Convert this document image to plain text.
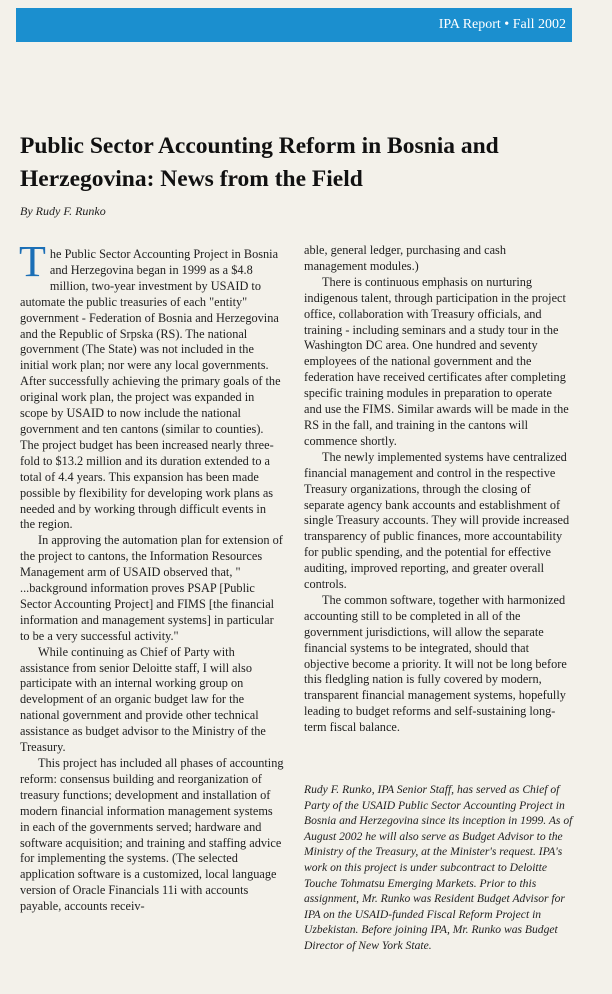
IPA Report • Fall 2002
Public Sector Accounting Reform in Bosnia and Herzegovina: News from the Field
By Rudy F. Runko

The Public Sector Accounting Project in Bosnia and Herzegovina began in 1999 as a $4.8 million, two-year investment by USAID to automate the public treasuries of each "entity" government - Federation of Bosnia and Herzegovina and the Republic of Srpska (RS). The national government (The State) was not included in the initial work plan; nor were any local governments. After successfully achieving the primary goals of the original work plan, the project was expanded in scope by USAID to now include the national government and ten cantons (similar to counties). The project budget has been increased nearly three-fold to $13.2 million and its duration extended to a total of 4.4 years. This expansion has been made possible by flexibility for developing work plans as needed and by working through difficult events in the region.

In approving the automation plan for extension of the project to cantons, the Information Resources Management arm of USAID observed that, " ...background information proves PSAP [Public Sector Accounting Project] and FIMS [the financial information and management systems] in particular to be a very successful activity."

While continuing as Chief of Party with assistance from senior Deloitte staff, I will also participate with an internal working group on development of an organic budget law for the national government and provide other technical assistance as budget advisor to the Ministry of the Treasury.

This project has included all phases of accounting reform: consensus building and reorganization of treasury functions; development and installation of modern financial information management systems in each of the governments served; hardware and software acquisition; and training and staffing advice for implementing the systems. (The selected application software is a customized, local language version of Oracle Financials 11i with accounts payable, accounts receiv-

able, general ledger, purchasing and cash management modules.)

There is continuous emphasis on nurturing indigenous talent, through participation in the project office, collaboration with Treasury officials, and training - including seminars and a study tour in the Washington DC area. One hundred and seventy employees of the national government and the federation have received certificates after completing specific training modules in preparation to operate and use the FIMS. Similar awards will be made in the RS in the fall, and training in the cantons will commence shortly.

The newly implemented systems have centralized financial management and control in the respective Treasury organizations, through the closing of separate agency bank accounts and establishment of single Treasury accounts. They will provide increased transparency of public finances, more accountability for public spending, and the potential for effective auditing, improved reporting, and greater overall controls.

The common software, together with harmonized accounting still to be completed in all of the government jurisdictions, will allow the separate financial systems to be integrated, should that objective become a priority. It will not be long before this fledgling nation is fully covered by modern, transparent financial management systems, hopefully leading to budget reforms and self-sustaining long-term fiscal balance.

Rudy F. Runko, IPA Senior Staff, has served as Chief of Party of the USAID Public Sector Accounting Project in Bosnia and Herzegovina since its inception in 1999. As of August 2002 he will also serve as Budget Advisor to the Ministry of the Treasury, at the Minister's request. IPA's work on this project is under subcontract to Deloitte Touche Tohmatsu Emerging Markets. Prior to this assignment, Mr. Runko was Resident Budget Advisor for IPA on the USAID-funded Fiscal Reform Project in Uzbekistan. Before joining IPA, Mr. Runko was Budget Director of New York State.
